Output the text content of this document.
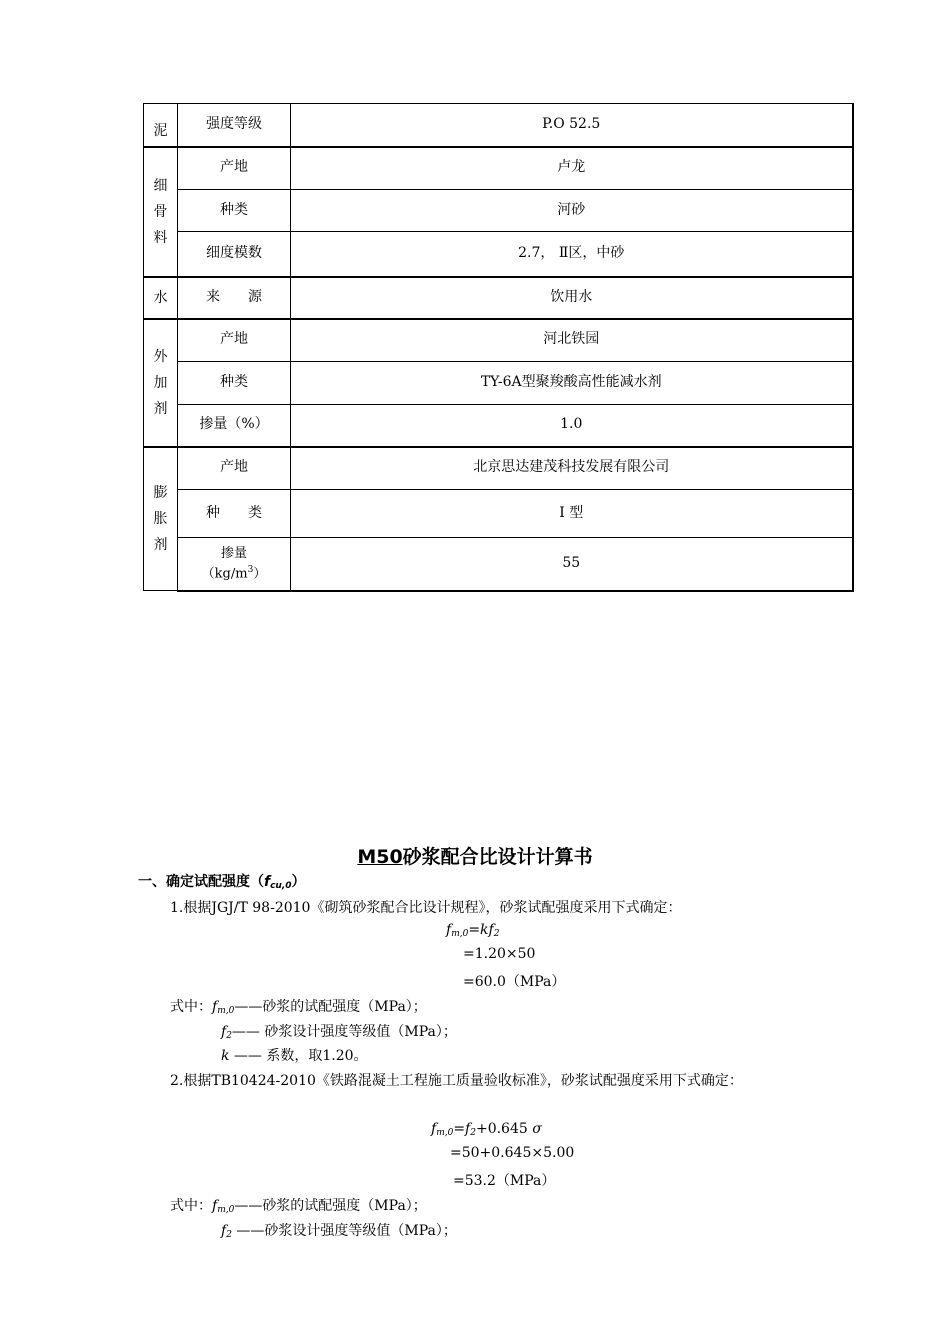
泥	强度等级	P.O 52.5

细
骨
料	产地	卢龙
	种类	河砂
	细度模数	2.7， Ⅱ区，中砂
水	来　　源	饮用水

外
加
剂	产地	河北铁园
	种类	TY-6A型聚羧酸高性能减水剂
	掺量（%）	1.0

膨
胀
剂	产地	北京思达建茂科技发展有限公司
	种　　类	Ⅰ 型

	掺量
$(kg/m^3)$	55
M50砂浆配合比设计计算书
一、确定试配强度$(f_{cu,0})$
1.根据JGJ/T 98-2010《砌筑砂浆配合比设计规程》，砂浆试配强度采用下式确定：
$f_{m,0}=kf_2$
=1.20×50
=60.0（MPa）
式中：$f_{m,0}——$砂浆的试配强度（MPa）；
$f_2——$ 砂浆设计强度等级值（MPa）；
k —— 系数，取1.20。
2.根据TB10424-2010《铁路混凝土工程施工质量验收标准》，砂浆试配强度采用下式确定：
$f_{m,0}=f_2+0.645$ σ
=50+0.645×5.00
=53.2（MPa）
式中：$f_{m,0}——$砂浆的试配强度（MPa）；
$f_2$ ——砂浆设计强度等级值（MPa）；
